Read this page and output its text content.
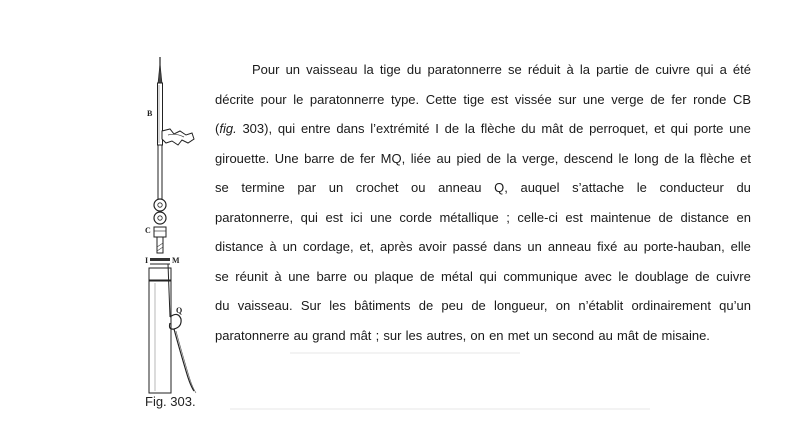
B
C
I	M
Q
Fig. 303.
Pour un vaisseau la tige du paratonnerre se réduit à la partie de cuivre qui a été
décrite pour le paratonnerre type. Cette tige est vissée sur une verge de fer ronde CB
(fig. 303), qui entre dans l’extrémité I de la flèche du mât de perroquet, et qui porte une
girouette. Une barre de fer MQ, liée au pied de la verge, descend le long de la flèche et
se termine par un crochet ou anneau Q, auquel s’attache le conducteur du
paratonnerre, qui est ici une corde métallique ; celle-ci est maintenue de distance en
distance à un cordage, et, après avoir passé dans un anneau fixé au porte-hauban, elle
se réunit à une barre ou plaque de métal qui communique avec le doublage de cuivre
du vaisseau. Sur les bâtiments de peu de longueur, on n’établit ordinairement qu’un
paratonnerre au grand mât ; sur les autres, on en met un second au mât de misaine.
